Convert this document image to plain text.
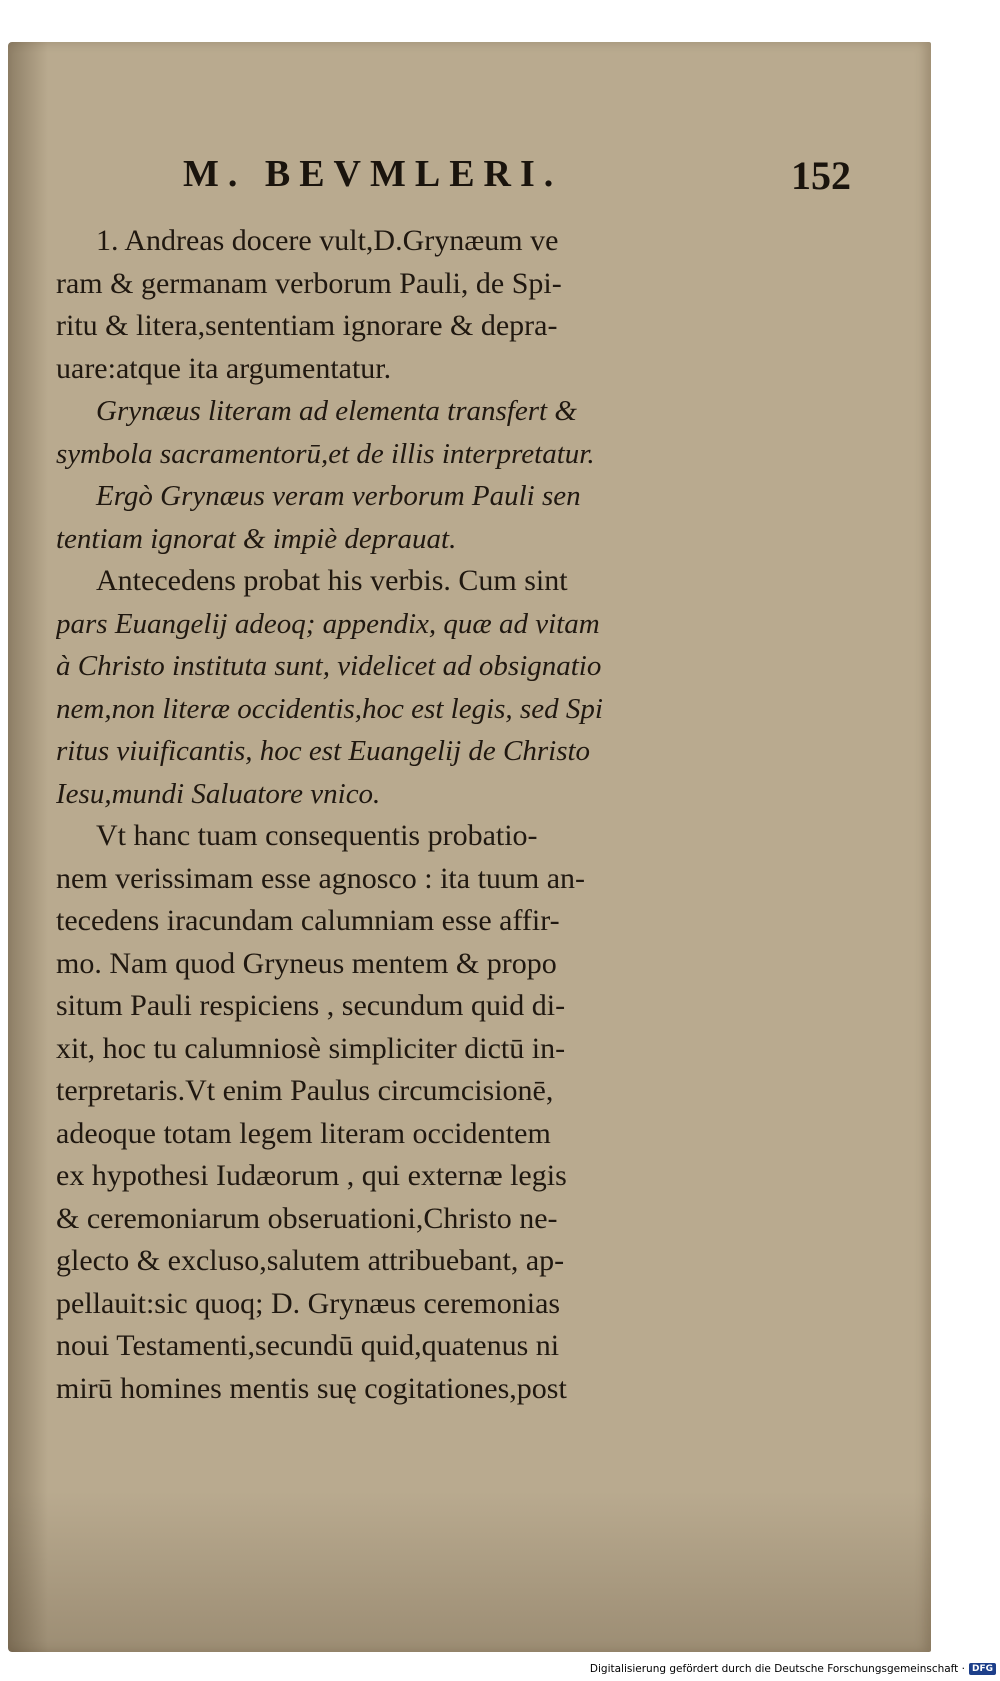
M. BEVMLERI.	152
1. Andreas docere vult,D.Grynæum ve
ram & germanam verborum Pauli, de Spi-
ritu & litera,sententiam ignorare & depra-
uare:atque ita argumentatur.
Grynæus literam ad elementa transfert &
symbola sacramentorū,et de illis interpretatur.
Ergò Grynæus veram verborum Pauli sen
tentiam ignorat & impiè deprauat.
Antecedens probat his verbis. Cum sint
pars Euangelij adeoq; appendix, quæ ad vitam
à Christo instituta sunt, videlicet ad obsignatio
nem,non literæ occidentis,hoc est legis, sed Spi
ritus viuificantis, hoc est Euangelij de Christo
Iesu,mundi Saluatore vnico.
Vt hanc tuam consequentis probatio-
nem verissimam esse agnosco : ita tuum an-
tecedens iracundam calumniam esse affir-
mo. Nam quod Gryneus mentem & propo
situm Pauli respiciens , secundum quid di-
xit, hoc tu calumniosè simpliciter dictū in-
terpretaris.Vt enim Paulus circumcisionē,
adeoque totam legem literam occidentem
ex hypothesi Iudæorum , qui externæ legis
& ceremoniarum obseruationi,Christo ne-
glecto & excluso,salutem attribuebant, ap-
pellauit:sic quoq; D. Grynæus ceremonias
noui Testamenti,secundū quid,quatenus ni
mirū homines mentis suę cogitationes,post
Digitalisierung gefördert durch die Deutsche Forschungsgemeinschaft · DFG
